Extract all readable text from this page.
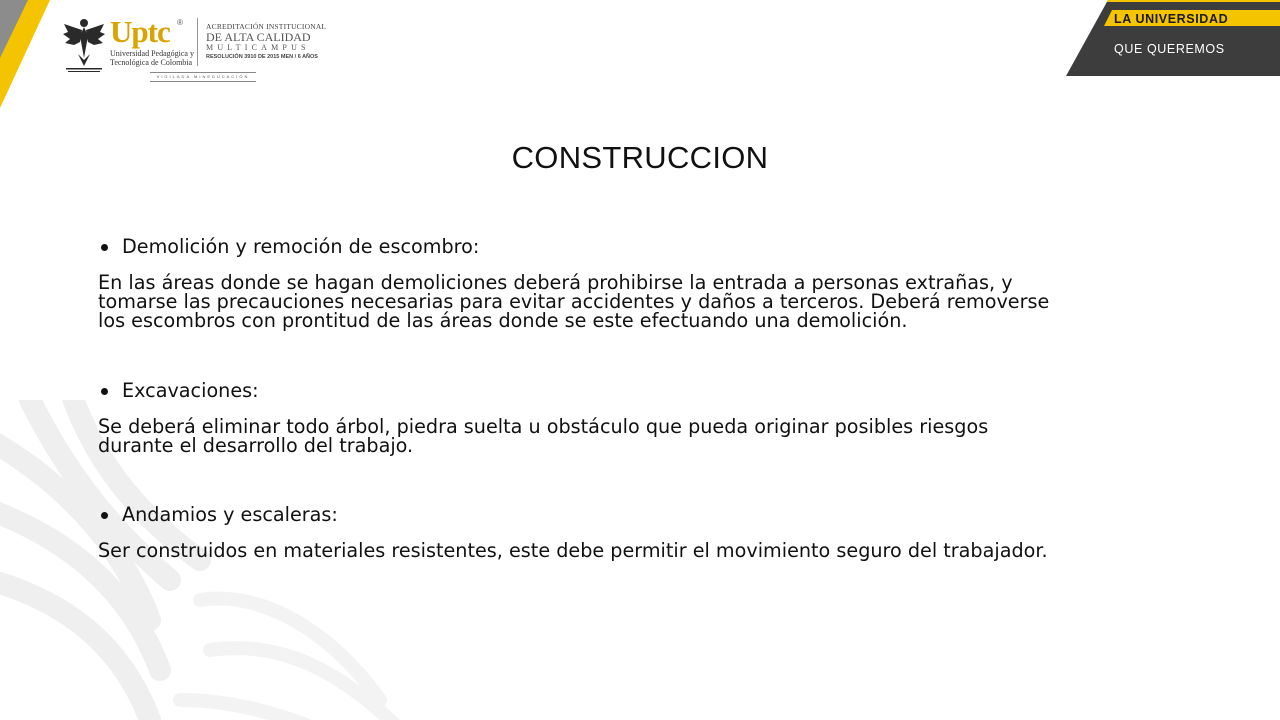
Uptc ®
Universidad Pedagógica y
Tecnológica de Colombia
ACREDITACIÓN INSTITUCIONAL
DE ALTA CALIDAD
MULTICAMPUS
RESOLUCIÓN 3910 DE 2015 MEN / 6 AÑOS
VIGILADA MINEDUCACIÓN
LA UNIVERSIDAD
QUE QUEREMOS
CONSTRUCCION
Demolición y remoción de escombro:
En las áreas donde se hagan demoliciones deberá prohibirse la entrada a personas extrañas, y
tomarse las precauciones necesarias para evitar accidentes y daños a terceros. Deberá removerse
los escombros con prontitud de las áreas donde se este efectuando una demolición.
Excavaciones:
Se deberá eliminar todo árbol, piedra suelta u obstáculo que pueda originar posibles riesgos
durante el desarrollo del trabajo.
Andamios y escaleras:
Ser construidos en materiales resistentes, este debe permitir el movimiento seguro del trabajador.
